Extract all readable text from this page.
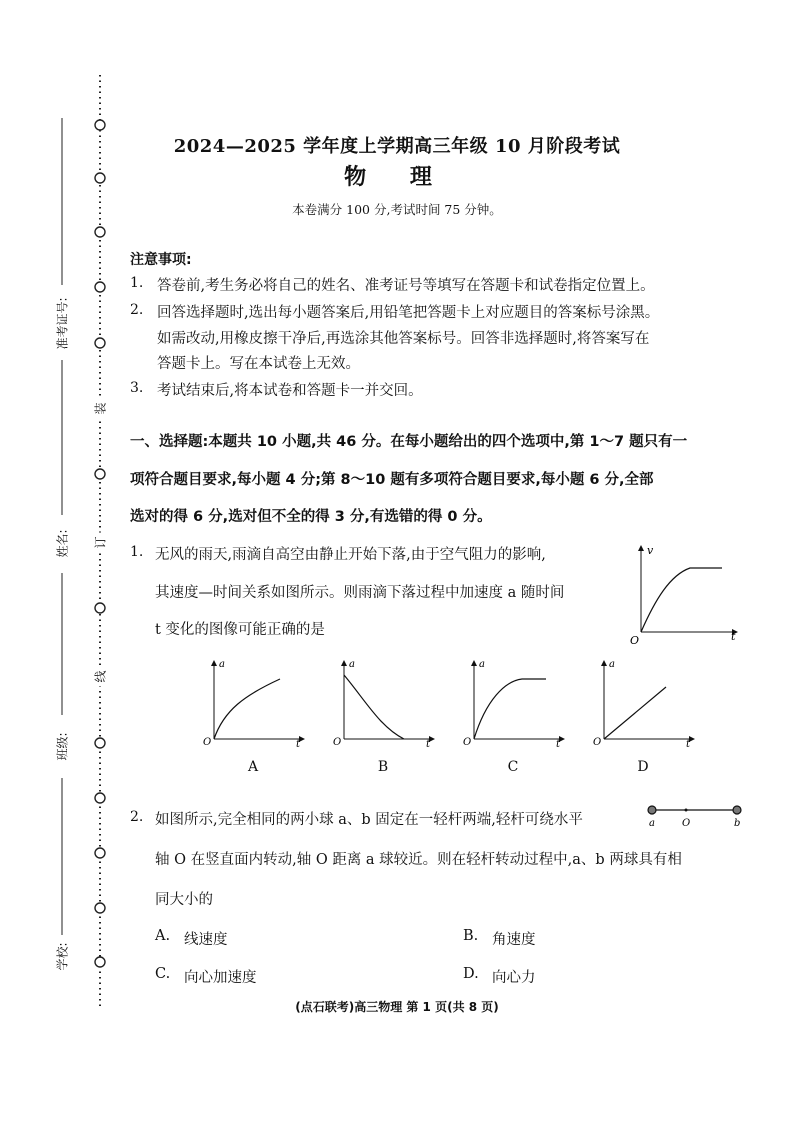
准考证号:
姓名:
班级:
学校:
装
订
线
2024—2025 学年度上学期高三年级 10 月阶段考试
物 理
本卷满分 100 分,考试时间 75 分钟。
注意事项:
1. 答卷前,考生务必将自己的姓名、准考证号等填写在答题卡和试卷指定位置上。
2. 回答选择题时,选出每小题答案后,用铅笔把答题卡上对应题目的答案标号涂黑。
如需改动,用橡皮擦干净后,再选涂其他答案标号。回答非选择题时,将答案写在
答题卡上。写在本试卷上无效。
3. 考试结束后,将本试卷和答题卡一并交回。
一、选择题:本题共 10 小题,共 46 分。在每小题给出的四个选项中,第 1～7 题只有一
项符合题目要求,每小题 4 分;第 8～10 题有多项符合题目要求,每小题 6 分,全部
选对的得 6 分,选对但不全的得 3 分,有选错的得 0 分。
1. 无风的雨天,雨滴自高空由静止开始下落,由于空气阻力的影响,
其速度—时间关系如图所示。则雨滴下落过程中加速度 a 随时间
t 变化的图像可能正确的是
v
t
O
a
t
O
A
a
t
O
B
a
t
O
C
a
t
O
D
2. 如图所示,完全相同的两小球 a、b 固定在一轻杆两端,轻杆可绕水平
轴 O 在竖直面内转动,轴 O 距离 a 球较近。则在轻杆转动过程中,a、b 两球具有相
同大小的
a	O	b
A. 线速度	B. 角速度
C. 向心加速度	D. 向心力
(点石联考)高三物理 第 1 页(共 8 页)
